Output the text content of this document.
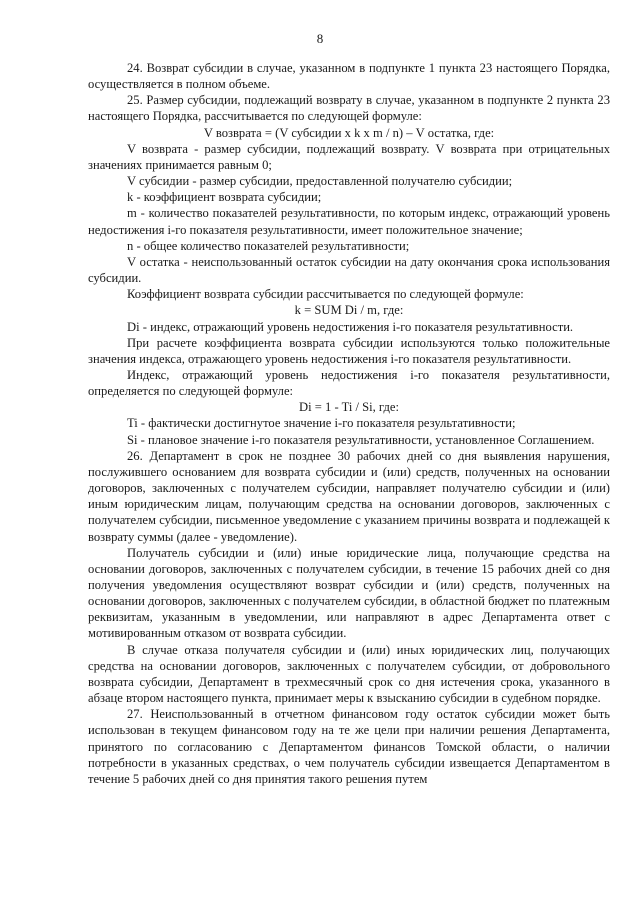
8

24. Возврат субсидии в случае, указанном в подпункте 1 пункта 23 настоящего Порядка, осуществляется в полном объеме.

25. Размер субсидии, подлежащий возврату в случае, указанном в подпункте 2 пункта 23 настоящего Порядка, рассчитывается по следующей формуле:

V возврата = (V субсидии x k x m / n) – V остатка, где:

V возврата - размер субсидии, подлежащий возврату. V возврата при отрицательных значениях принимается равным 0;

V субсидии - размер субсидии, предоставленной получателю субсидии;

k - коэффициент возврата субсидии;

m - количество показателей результативности, по которым индекс, отражающий уровень недостижения i-го показателя результативности, имеет положительное значение;

n - общее количество показателей результативности;

V остатка - неиспользованный остаток субсидии на дату окончания срока использования субсидии.

Коэффициент возврата субсидии рассчитывается по следующей формуле:

k = SUM Di / m, где:

Di - индекс, отражающий уровень недостижения i-го показателя результативности.

При расчете коэффициента возврата субсидии используются только положительные значения индекса, отражающего уровень недостижения i-го показателя результативности.

Индекс, отражающий уровень недостижения i-го показателя результативности, определяется по следующей формуле:

Di = 1 - Ti / Si, где:

Ti - фактически достигнутое значение i-го показателя результативности;

Si - плановое значение i-го показателя результативности, установленное Соглашением.

26. Департамент в срок не позднее 30 рабочих дней со дня выявления нарушения, послужившего основанием для возврата субсидии и (или) средств, полученных на основании договоров, заключенных с получателем субсидии, направляет получателю субсидии и (или) иным юридическим лицам, получающим средства на основании договоров, заключенных с получателем субсидии, письменное уведомление с указанием причины возврата и подлежащей к возврату суммы (далее - уведомление).

Получатель субсидии и (или) иные юридические лица, получающие средства на основании договоров, заключенных с получателем субсидии, в течение 15 рабочих дней со дня получения уведомления осуществляют возврат субсидии и (или) средств, полученных на основании договоров, заключенных с получателем субсидии, в областной бюджет по платежным реквизитам, указанным в уведомлении, или направляют в адрес Департамента ответ с мотивированным отказом от возврата субсидии.

В случае отказа получателя субсидии и (или) иных юридических лиц, получающих средства на основании договоров, заключенных с получателем субсидии, от добровольного возврата субсидии, Департамент в трехмесячный срок со дня истечения срока, указанного в абзаце втором настоящего пункта, принимает меры к взысканию субсидии в судебном порядке.

27. Неиспользованный в отчетном финансовом году остаток субсидии может быть использован в текущем финансовом году на те же цели при наличии решения Департамента, принятого по согласованию с Департаментом финансов Томской области, о наличии потребности в указанных средствах, о чем получатель субсидии извещается Департаментом в течение 5 рабочих дней со дня принятия такого решения путем
